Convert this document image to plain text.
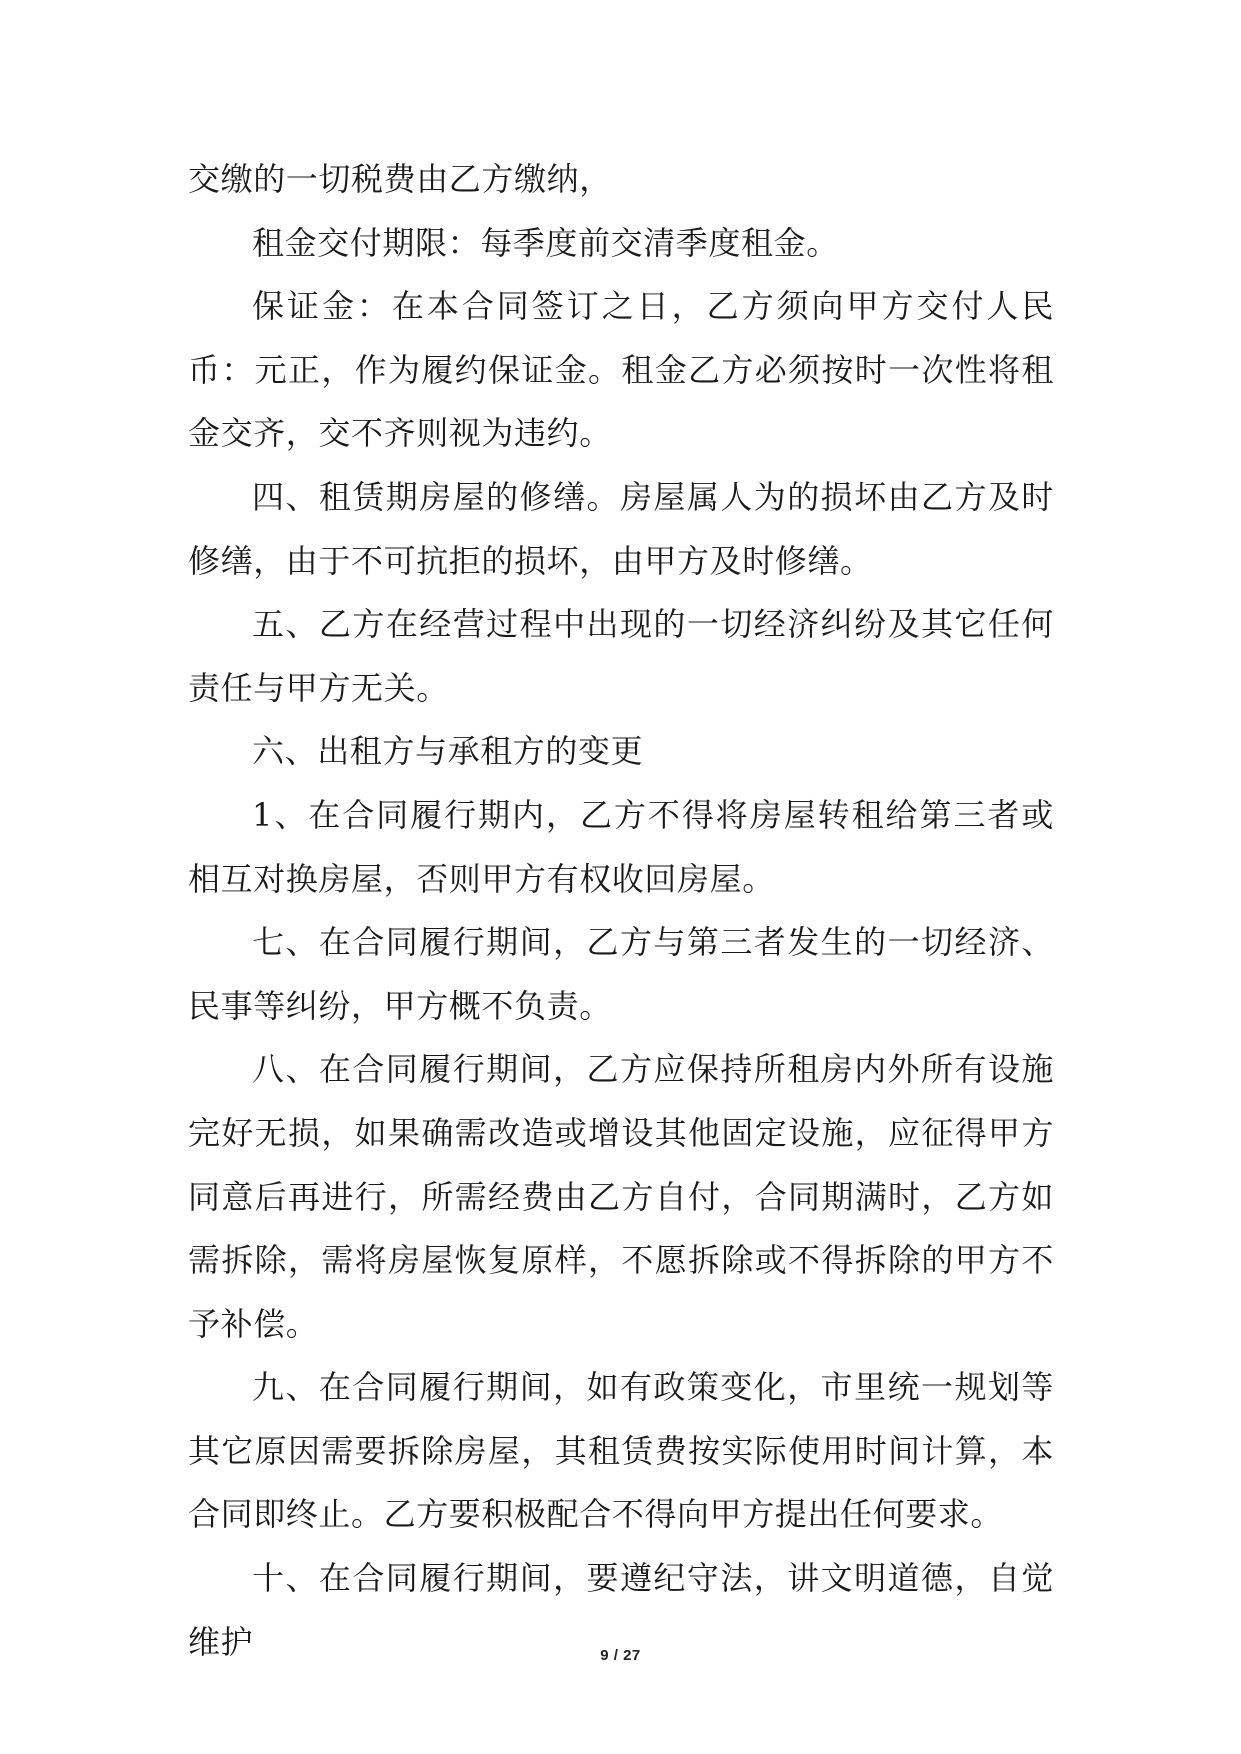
交缴的一切税费由乙方缴纳，

租金交付期限：每季度前交清季度租金。

保证金：在本合同签订之日，乙方须向甲方交付人民币：元正，作为履约保证金。租金乙方必须按时一次性将租金交齐，交不齐则视为违约。

四、租赁期房屋的修缮。房屋属人为的损坏由乙方及时修缮，由于不可抗拒的损坏，由甲方及时修缮。

五、乙方在经营过程中出现的一切经济纠纷及其它任何责任与甲方无关。

六、出租方与承租方的变更

1、在合同履行期内，乙方不得将房屋转租给第三者或相互对换房屋，否则甲方有权收回房屋。

七、在合同履行期间，乙方与第三者发生的一切经济、民事等纠纷，甲方概不负责。

八、在合同履行期间，乙方应保持所租房内外所有设施完好无损，如果确需改造或增设其他固定设施，应征得甲方同意后再进行，所需经费由乙方自付，合同期满时，乙方如需拆除，需将房屋恢复原样，不愿拆除或不得拆除的甲方不予补偿。

九、在合同履行期间，如有政策变化，市里统一规划等其它原因需要拆除房屋，其租赁费按实际使用时间计算，本合同即终止。乙方要积极配合不得向甲方提出任何要求。

十、在合同履行期间，要遵纪守法，讲文明道德，自觉维护	9 / 27
